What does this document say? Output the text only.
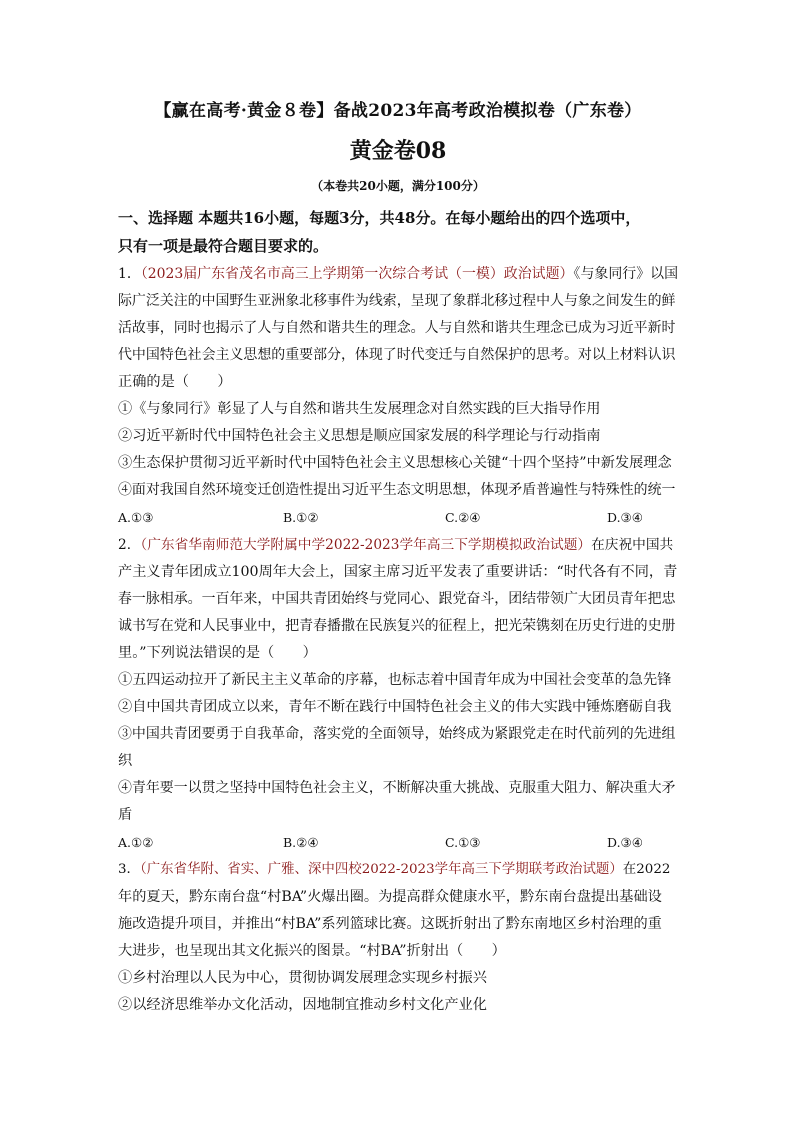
【赢在高考·黄金８卷】备战2023年高考政治模拟卷（广东卷）
黄金卷08
（本卷共20小题，满分100分）
一、选择题 本题共16小题，每题3分，共48分。在每小题给出的四个选项中，
只有一项是最符合题目要求的。
1．（2023届广东省茂名市高三上学期第一次综合考试（一模）政治试题）《与象同行》以国
际广泛关注的中国野生亚洲象北移事件为线索，呈现了象群北移过程中人与象之间发生的鲜
活故事，同时也揭示了人与自然和谐共生的理念。人与自然和谐共生理念已成为习近平新时
代中国特色社会主义思想的重要部分，体现了时代变迁与自然保护的思考。对以上材料认识
正确的是（　　）
①《与象同行》彰显了人与自然和谐共生发展理念对自然实践的巨大指导作用
②习近平新时代中国特色社会主义思想是顺应国家发展的科学理论与行动指南
③生态保护贯彻习近平新时代中国特色社会主义思想核心关键“十四个坚持”中新发展理念
④面对我国自然环境变迁创造性提出习近平生态文明思想，体现矛盾普遍性与特殊性的统一
A.①③	B.①②	C.②④	D.③④
2．（广东省华南师范大学附属中学2022-2023学年高三下学期模拟政治试题）在庆祝中国共
产主义青年团成立100周年大会上，国家主席习近平发表了重要讲话：“时代各有不同，青
春一脉相承。一百年来，中国共青团始终与党同心、跟党奋斗，团结带领广大团员青年把忠
诚书写在党和人民事业中，把青春播撒在民族复兴的征程上，把光荣镌刻在历史行进的史册
里。”下列说法错误的是（　　）
①五四运动拉开了新民主主义革命的序幕，也标志着中国青年成为中国社会变革的急先锋
②自中国共青团成立以来，青年不断在践行中国特色社会主义的伟大实践中锤炼磨砺自我
③中国共青团要勇于自我革命，落实党的全面领导，始终成为紧跟党走在时代前列的先进组
织
④青年要一以贯之坚持中国特色社会主义，不断解决重大挑战、克服重大阻力、解决重大矛
盾
A.①②	B.②④	C.①③	D.③④
3．（广东省华附、省实、广雅、深中四校2022-2023学年高三下学期联考政治试题）在2022
年的夏天，黔东南台盘“村BA”火爆出圈。为提高群众健康水平，黔东南台盘提出基础设
施改造提升项目，并推出“村BA”系列篮球比赛。这既折射出了黔东南地区乡村治理的重
大进步，也呈现出其文化振兴的图景。“村BA”折射出（　　）
①乡村治理以人民为中心，贯彻协调发展理念实现乡村振兴
②以经济思维举办文化活动，因地制宜推动乡村文化产业化
